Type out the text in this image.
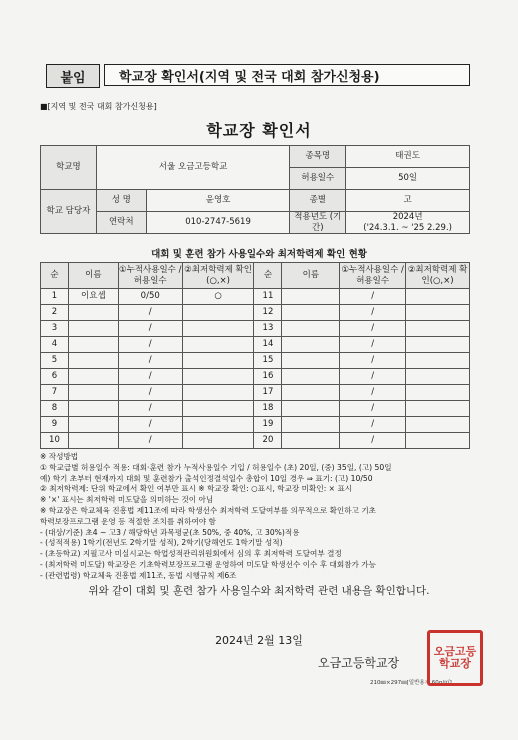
붙임	학교장 확인서(지역 및 전국 대회 참가신청용)
■[지역 및 전국 대회 참가신청용]
학교장 확인서
학교명	서울 오금고등학교		종목명	태권도
			허용일수	50일
학교 담당자	성 명	윤영호	종별	고
	연락처	010-2747-5619	적용년도 (기간)	2024년
('24.3.1. ~ '25 2.29.)
대회 및 훈련 참가 사용일수와 최저학력제 확인 현황
순	이름	①누적사용일수 /허용일수	②최저학력제 확인(○,×)	순	이름	①누적사용일수 /허용일수	②최저학력제 확인(○,×)
1	이요셉	0/50	○	11		/	
2		/		12		/	
3		/		13		/	
4		/		14		/	
5		/		15		/	
6		/		16		/	
7		/		17		/	
8		/		18		/	
9		/		19		/	
10		/		20		/	
※ 작성방법
① 학교급별 허용일수 적용: 대회·훈련 참가 누적사용일수 기입 / 허용일수 (초) 20일, (중) 35일, (고) 50일
예) 학기 초부터 현재까지 대회 및 훈련참가 출석인정결석일수 총합이 10일 경우 ⇒ 표기: (고) 10/50
② 최저학력제: 단위 학교에서 확인 여부만 표시 ※ 학교장 확인: ○표시, 학교장 미확인: × 표시
※ '×' 표시는 최저학력 미도달을 의미하는 것이 아님
※ 학교장은 학교체육 진흥법 제11조에 따라 학생선수 최저학력 도달여부를 의무적으로 확인하고 기초
학력보장프로그램 운영 등 적절한 조치를 취하여야 함
- (대상/기준) 초4 ~ 고3 / 해당학년 과목평균(초 50%, 중 40%, 고 30%)적용
- (성적적용) 1학기(전년도 2학기말 성적), 2학기(당해연도 1학기말 성적)
- (초등학교) 지필고사 미실시교는 학업성적관리위원회에서 심의 후 최저학력 도달여부 결정
- (최저학력 미도달) 학교장은 기초학력보장프로그램 운영하여 미도달 학생선수 이수 후 대회참가 가능
- (관련법령) 학교체육 진흥법 제11조, 동법 시행규칙 제6조
위와 같이 대회 및 훈련 참가 사용일수와 최저학력 관련 내용을 확인합니다.
2024년 2월 13일
오금고등학교장
210㎜×297㎜[일반용지 60g/㎡]
오금고등학교장
